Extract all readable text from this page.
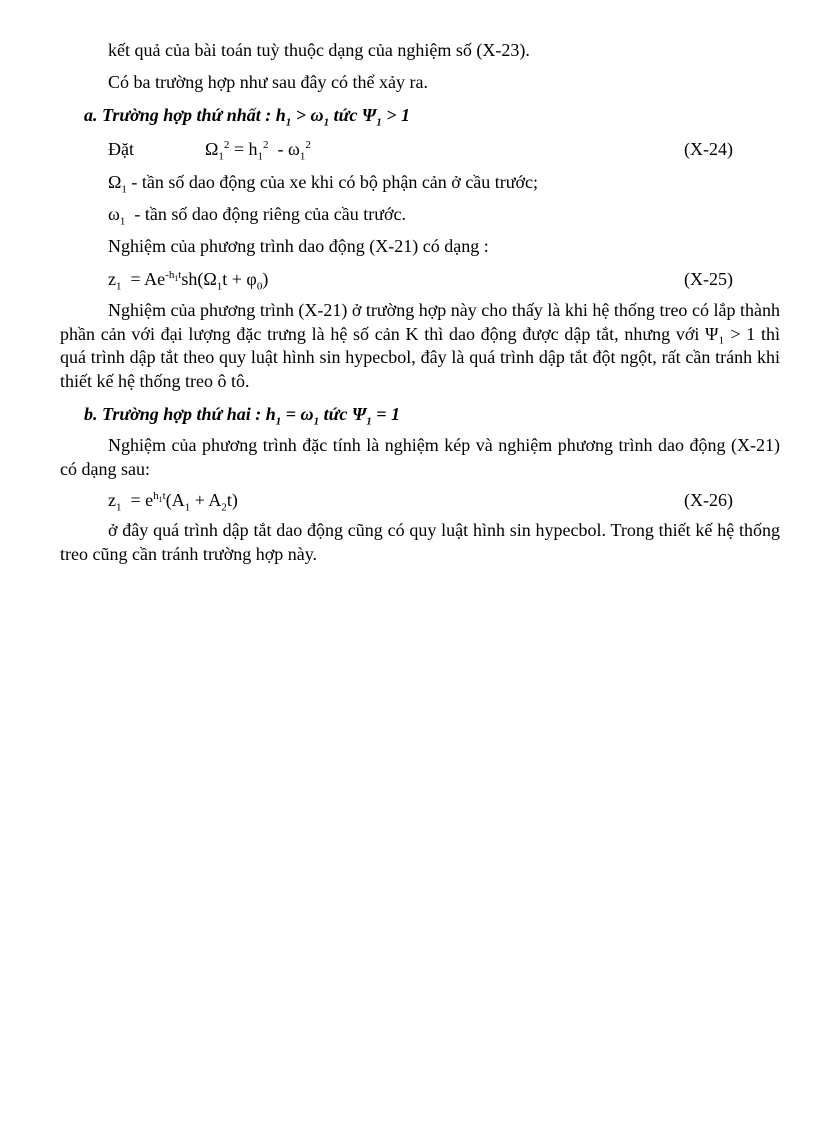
kết quả của bài toán tuỳ thuộc dạng của nghiệm số (X-23).
Có ba trường hợp như sau đây có thể xảy ra.
a. Trường hợp thứ nhất : $h_1 > \omega_1$ tức $\Psi_1 > 1$
Đặt	$\Omega_1^2 = h_1^2 - \omega_1^2$	(X-24)
$\Omega_1$ - tần số dao động của xe khi có bộ phận cản ở cầu trước;
$\omega_1$  - tần số dao động riêng của cầu trước.
Nghiệm của phương trình dao động (X-21) có dạng :
$z_1 = Ae^{-h_1t}sh(\Omega_1t + \varphi_0)$	(X-25)
Nghiệm của phương trình (X-21) ở trường hợp này cho thấy là khi hệ thống treo có lắp thành phần cản với đại lượng đặc trưng là hệ số cản K thì dao động được dập tắt, nhưng với Ψ₁ > 1 thì quá trình dập tắt theo quy luật hình sin hypecbol, đây là quá trình dập tắt đột ngột, rất cần tránh khi thiết kế hệ thống treo ô tô.
b. Trường hợp thứ hai : $h_1 = \omega_1$ tức $\Psi_1 = 1$
Nghiệm của phương trình đặc tính là nghiệm kép và nghiệm phương trình dao động (X-21) có dạng sau:
$z_1 = e^{h_1t}(A_1 + A_2t)$	(X-26)
ở đây quá trình dập tắt dao động cũng có quy luật hình sin hypecbol. Trong thiết kế hệ thống treo cũng cần tránh trường hợp này.
